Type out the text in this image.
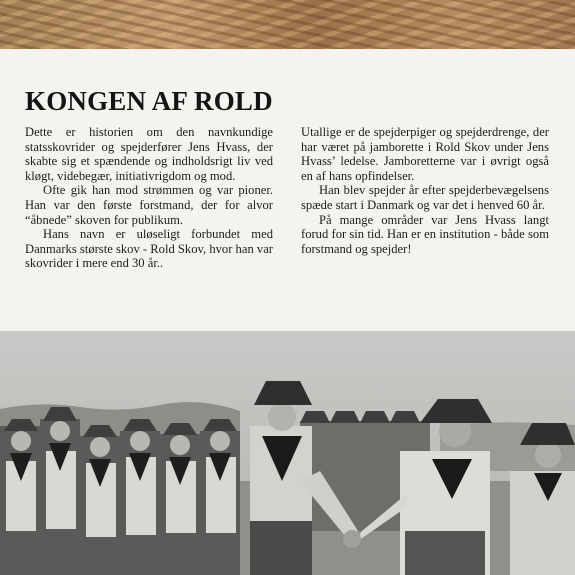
KONGEN AF ROLD

Dette er historien om den navnkundige statsskovrider og spejderfører Jens Hvass, der skabte sig et spændende og indholdsrigt liv ved kløgt, videbegær, initiativrigdom og mod.

Ofte gik han mod strømmen og var pioner. Han var den første forstmand, der for alvor “åbnede” skoven for publikum.

Hans navn er uløseligt forbundet med Danmarks største skov - Rold Skov, hvor han var skovrider i mere end 30 år..

Utallige er de spejderpiger og spejderdrenge, der har været på jamborette i Rold Skov under Jens Hvass’ ledelse. Jamboretterne var i øvrigt også en af hans opfindelser.

Han blev spejder år efter spejderbevægelsens spæde start i Danmark og var det i henved 60 år.

På mange områder var Jens Hvass langt forud for sin tid. Han er en institution - både som forstmand og spejder!
